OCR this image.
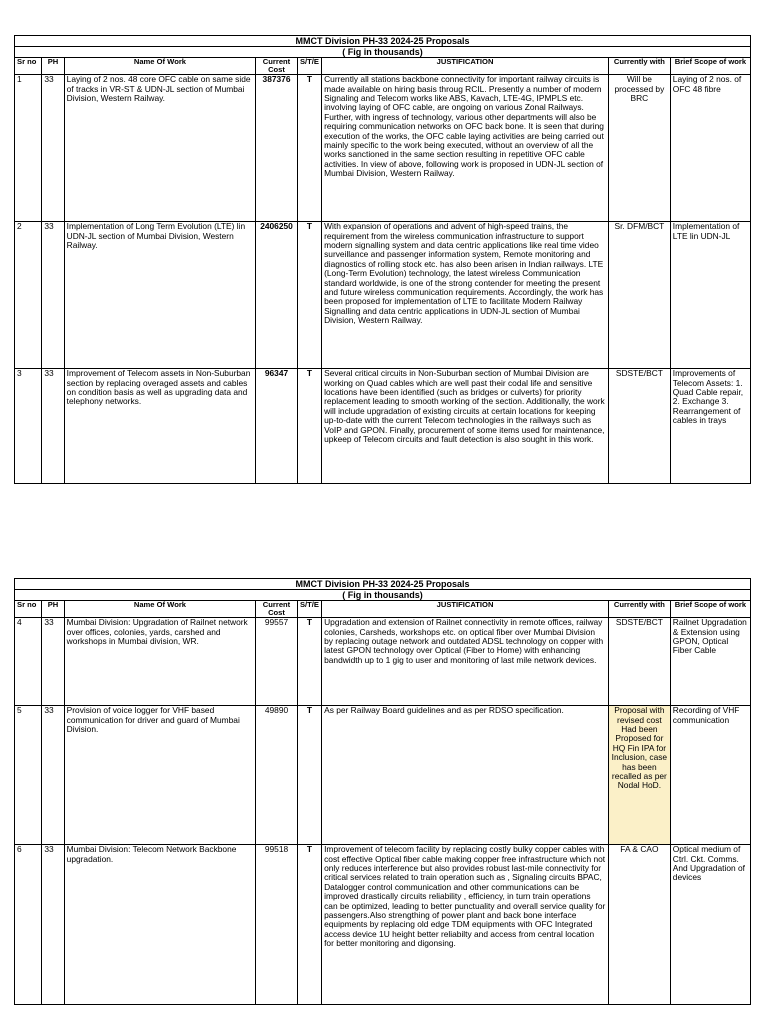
MMCT Division PH-33 2024-25 Proposals							
( Fig in thousands)							
Sr no	PH	Name Of Work	Current Cost	S/T/E	JUSTIFICATION	Currently with	Brief Scope of work
1	33	Laying of 2 nos. 48 core OFC cable on same side of tracks in VR-ST & UDN-JL section of Mumbai Division, Western Railway.	387376	T	Currently all stations backbone connectivity for important railway circuits is made available on hiring basis throug RCIL. Presently a number of modern Signaling and Telecom works like ABS, Kavach, LTE-4G, IPMPLS etc. involving laying of OFC cable, are ongoing on various Zonal Railways. Further, with ingress of technology, various other departments will also be requiring communication networks on OFC back bone. It is seen that during execution of the works, the OFC cable laying activities are being carried out mainly specific to the work being executed, without an overview of all the works sanctioned in the same section resulting in repetitive OFC cable activities. In view of above, following work is proposed in UDN-JL section of Mumbai Division, Western Railway.	Will be processed by BRC	Laying of 2 nos. of OFC 48 fibre
2	33	Implementation of Long Term Evolution (LTE) lin UDN-JL section of Mumbai Division, Western Railway.	2406250	T	With expansion of operations and advent of high-speed trains, the requirement from the wireless communication infrastructure to support modern signalling system and data centric applications like real time video surveillance and passenger information system, Remote monitoring and diagnostics of rolling stock etc. has also been arisen in Indian railways. LTE (Long-Term Evolution) technology, the latest wireless Communication standard worldwide, is one of the strong contender for meeting the present and future wireless communication requirements. Accordingly, the work has been proposed for implementation of LTE to facilitate Modern Railway Signalling and data centric applications in UDN-JL section of Mumbai Division, Western Railway.	Sr. DFM/BCT	Implementation of LTE lin UDN-JL
3	33	Improvement of Telecom assets in Non-Suburban section by replacing overaged assets and cables on condition basis as well as upgrading data and telephony networks.	96347	T	Several critical circuits in Non-Suburban section of Mumbai Division are working on Quad cables which are well past their codal life and sensitive locations have been identified (such as bridges or culverts) for priority replacement leading to smooth working of the section. Additionally, the work will include upgradation of existing circuits at certain locations for keeping up-to-date with the current Telecom technologies in the railways such as VoIP and GPON. Finally, procurement of some items used for maintenance, upkeep of Telecom circuits and fault detection is also sought in this work.	SDSTE/BCT	Improvements of Telecom Assets: 1. Quad Cable repair, 2. Exchange 3. Rearrangement of cables in trays
MMCT Division PH-33 2024-25 Proposals							
( Fig in thousands)							
Sr no	PH	Name Of Work	Current Cost	S/T/E	JUSTIFICATION	Currently with	Brief Scope of work
4	33	Mumbai Division: Upgradation of Railnet network over offices, colonies, yards, carshed and workshops in Mumbai division, WR.	99557	T	Upgradation and extension of Railnet connectivity in remote offices, railway colonies, Carsheds, workshops etc. on optical fiber over Mumbai Division by replacing outage network and outdated ADSL technology on copper with latest GPON technology over Optical (Fiber to Home) with enhancing bandwidth up to 1 gig to user and monitoring of last mile network devices.	SDSTE/BCT	Railnet Upgradation & Extension using GPON, Optical Fiber Cable
5	33	Provision of voice logger for VHF based communication for driver and guard of Mumbai Division.	49890	T	As per Railway Board guidelines and as per RDSO specification.	Proposal with revised cost Had been Proposed for HQ Fin IPA for Inclusion, case has been recalled as per Nodal HoD.	Recording of VHF communication
6	33	Mumbai Division: Telecom Network Backbone upgradation.	99518	T	Improvement of telecom facility by replacing costly bulky copper cables with cost effective Optical fiber cable making copper free infrastructure which not only reduces interference but also provides robust last-mile connectivity for critical services related to train operation such as , Signaling circuits BPAC, Datalogger control communication and other communications can be improved drastically circuits reliability , efficiency, in turn train operations can be optimized, leading to better punctuality and overall service quality for passengers.Also strengthing of power plant and back bone interface equipments by replacing old edge TDM equipments with OFC Integrated access device 1U height better reliabilty and access from central location for better monitoring and digonsing.	FA & CAO	Optical medium of Ctrl. Ckt. Comms. And Upgradation of devices
